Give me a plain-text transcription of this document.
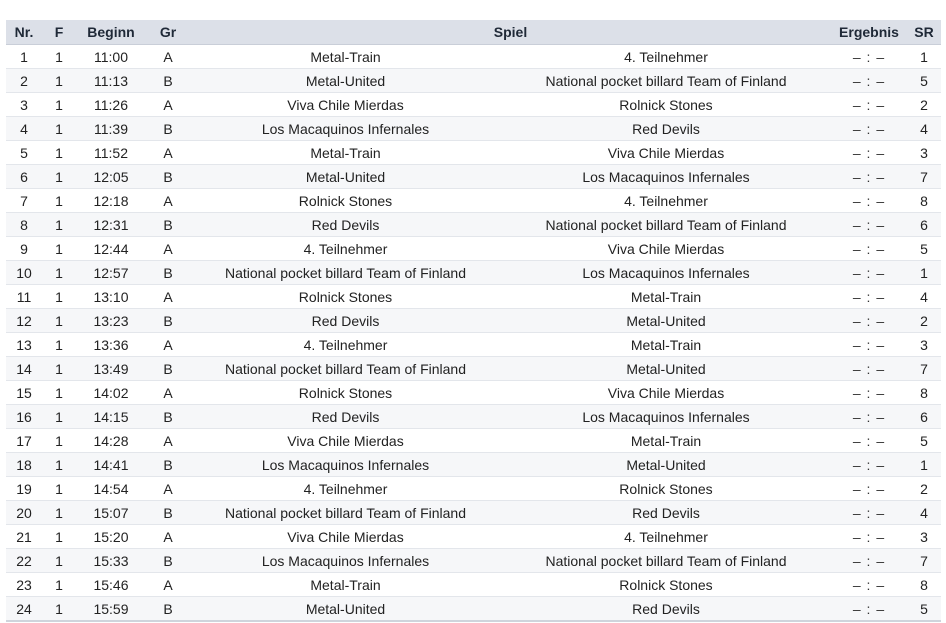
Nr.	F	Beginn	Gr	Spiel		Ergebnis	SR
1	1	11:00	A	Metal-Train	4. Teilnehmer	– : –	1
2	1	11:13	B	Metal-United	National pocket billard Team of Finland	– : –	5
3	1	11:26	A	Viva Chile Mierdas	Rolnick Stones	– : –	2
4	1	11:39	B	Los Macaquinos Infernales	Red Devils	– : –	4
5	1	11:52	A	Metal-Train	Viva Chile Mierdas	– : –	3
6	1	12:05	B	Metal-United	Los Macaquinos Infernales	– : –	7
7	1	12:18	A	Rolnick Stones	4. Teilnehmer	– : –	8
8	1	12:31	B	Red Devils	National pocket billard Team of Finland	– : –	6
9	1	12:44	A	4. Teilnehmer	Viva Chile Mierdas	– : –	5
10	1	12:57	B	National pocket billard Team of Finland	Los Macaquinos Infernales	– : –	1
11	1	13:10	A	Rolnick Stones	Metal-Train	– : –	4
12	1	13:23	B	Red Devils	Metal-United	– : –	2
13	1	13:36	A	4. Teilnehmer	Metal-Train	– : –	3
14	1	13:49	B	National pocket billard Team of Finland	Metal-United	– : –	7
15	1	14:02	A	Rolnick Stones	Viva Chile Mierdas	– : –	8
16	1	14:15	B	Red Devils	Los Macaquinos Infernales	– : –	6
17	1	14:28	A	Viva Chile Mierdas	Metal-Train	– : –	5
18	1	14:41	B	Los Macaquinos Infernales	Metal-United	– : –	1
19	1	14:54	A	4. Teilnehmer	Rolnick Stones	– : –	2
20	1	15:07	B	National pocket billard Team of Finland	Red Devils	– : –	4
21	1	15:20	A	Viva Chile Mierdas	4. Teilnehmer	– : –	3
22	1	15:33	B	Los Macaquinos Infernales	National pocket billard Team of Finland	– : –	7
23	1	15:46	A	Metal-Train	Rolnick Stones	– : –	8
24	1	15:59	B	Metal-United	Red Devils	– : –	5
